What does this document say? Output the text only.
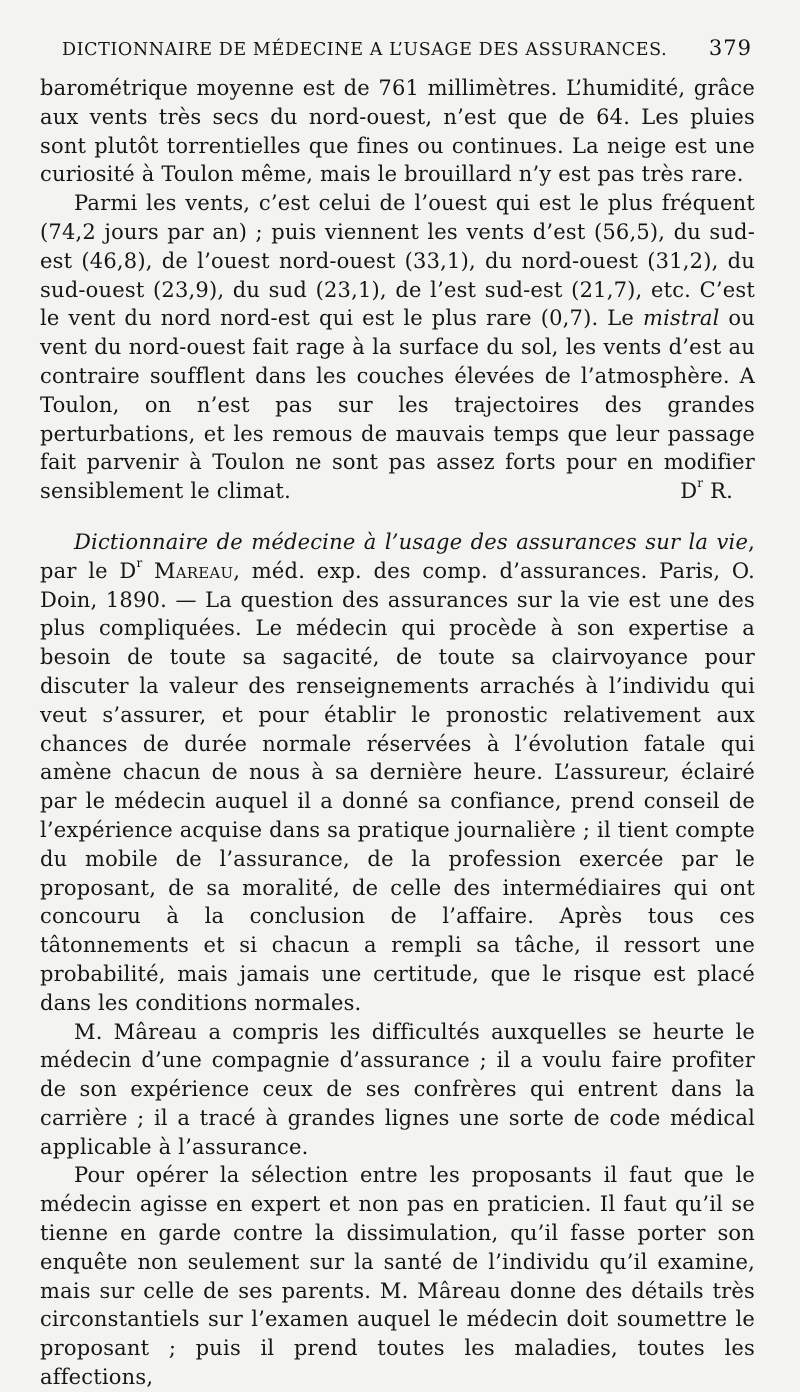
DICTIONNAIRE DE MÉDECINE A L’USAGE DES ASSURANCES. 379

barométrique moyenne est de 761 millimètres. L’humidité, grâce aux vents très secs du nord-ouest, n’est que de 64. Les pluies sont plutôt torrentielles que fines ou continues. La neige est une curiosité à Toulon même, mais le brouillard n’y est pas très rare.

Parmi les vents, c’est celui de l’ouest qui est le plus fréquent (74,2 jours par an) ; puis viennent les vents d’est (56,5), du sud-est (46,8), de l’ouest nord-ouest (33,1), du nord-ouest (31,2), du sud-ouest (23,9), du sud (23,1), de l’est sud-est (21,7), etc. C’est le vent du nord nord-est qui est le plus rare (0,7). Le mistral ou vent du nord-ouest fait rage à la surface du sol, les vents d’est au contraire soufflent dans les couches élevées de l’atmosphère. A Toulon, on n’est pas sur les trajectoires des grandes perturbations, et les remous de mauvais temps que leur passage fait parvenir à Toulon ne sont pas assez forts pour en modifier sensiblement le climat.	$D^r$ R.

Dictionnaire de médecine à l’usage des assurances sur la vie, par le $D^r$ Mareau, méd. exp. des comp. d’assurances. Paris, O. Doin, 1890. — La question des assurances sur la vie est une des plus compliquées. Le médecin qui procède à son expertise a besoin de toute sa sagacité, de toute sa clairvoyance pour discuter la valeur des renseignements arrachés à l’individu qui veut s’assurer, et pour établir le pronostic relativement aux chances de durée normale réservées à l’évolution fatale qui amène chacun de nous à sa dernière heure. L’assureur, éclairé par le médecin auquel il a donné sa confiance, prend conseil de l’expérience acquise dans sa pratique journalière ; il tient compte du mobile de l’assurance, de la profession exercée par le proposant, de sa moralité, de celle des intermédiaires qui ont concouru à la conclusion de l’affaire. Après tous ces tâtonnements et si chacun a rempli sa tâche, il ressort une probabilité, mais jamais une certitude, que le risque est placé dans les conditions normales.

M. Mâreau a compris les difficultés auxquelles se heurte le médecin d’une compagnie d’assurance ; il a voulu faire profiter de son expérience ceux de ses confrères qui entrent dans la carrière ; il a tracé à grandes lignes une sorte de code médical applicable à l’assurance.

Pour opérer la sélection entre les proposants il faut que le médecin agisse en expert et non pas en praticien. Il faut qu’il se tienne en garde contre la dissimulation, qu’il fasse porter son enquête non seulement sur la santé de l’individu qu’il examine, mais sur celle de ses parents. M. Mâreau donne des détails très circonstantiels sur l’examen auquel le médecin doit soumettre le proposant ; puis il prend toutes les maladies, toutes les affections,
